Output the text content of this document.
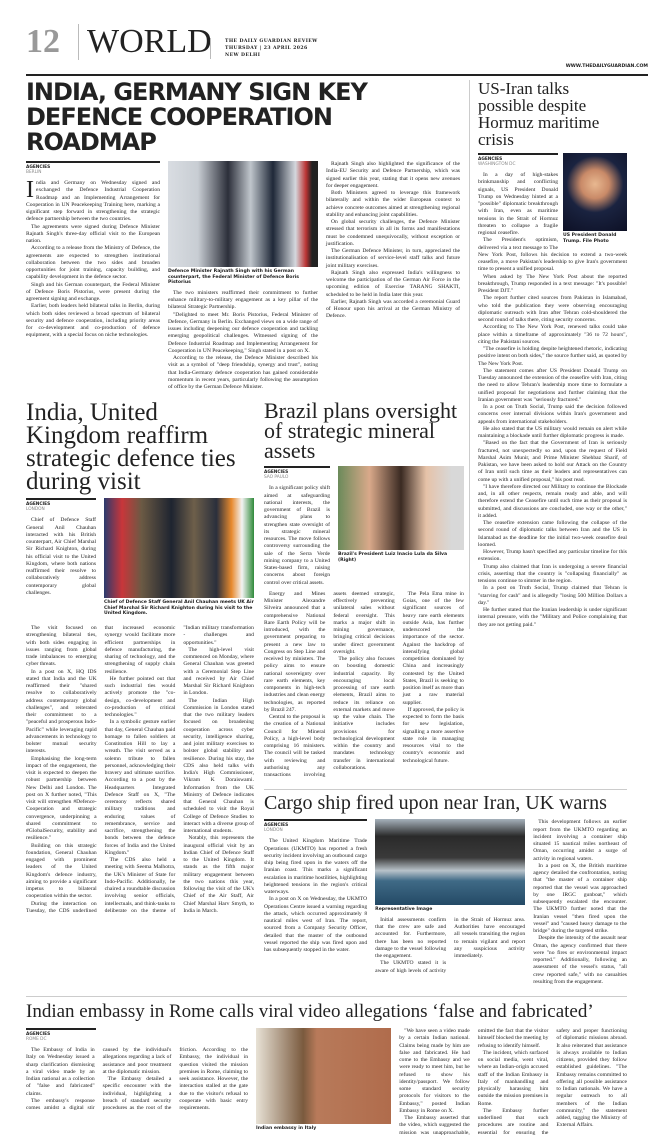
12 WORLD	THE DAILY GUARDIAN REVIEW
THURSDAY | 23 APRIL 2026
NEW DELHI
WWW.THEDAILYGUARDIAN.COM
INDIA, GERMANY SIGN KEY DEFENCE COOPERATION ROADMAP
AGENCIES
BERLIN

India and Germany on Wednesday signed and exchanged the Defence Industrial Cooperation Roadmap and an Implementing Arrangement for Cooperation in UN Peacekeeping Training here, marking a significant step forward in strengthening the strategic defence partnership between the two countries.

The agreements were signed during Defence Minister Rajnath Singh's three-day official visit to the European nation.

According to a release from the Ministry of Defence, the agreements are expected to strengthen institutional collaboration between the two sides and broaden opportunities for joint training, capacity building, and capability development in the defence sector.

Singh and his German counterpart, the Federal Minister of Defence Boris Pistorius, were present during the agreement signing and exchange.

Earlier, both leaders held bilateral talks in Berlin, during which both sides reviewed a broad spectrum of bilateral security and defence cooperation, including priority areas for co-development and co-production of defence equipment, with a special focus on niche technologies.

Defence Minister Rajnath Singh with his German counterpart, the Federal Minister of Defence Boris Pistorius

The two ministers reaffirmed their commitment to further enhance military-to-military engagement as a key pillar of the bilateral Strategic Partnership.

"Delighted to meet Mr. Boris Pistorius, Federal Minister of Defence, Germany in Berlin. Exchanged views on a wide range of issues including deepening our defence cooperation and tackling emerging geopolitical challenges. Witnessed signing of the Defence Industrial Roadmap and Implementing Arrangement for Cooperation in UN Peacekeeping," Singh stated in a post on X.

According to the release, the Defence Minister described his visit as a symbol of "deep friendship, synergy and trust", noting that India-Germany defence cooperation has gained considerable momentum in recent years, particularly following the assumption of office by the German Defence Minister.

Rajnath Singh also highlighted the significance of the India-EU Security and Defence Partnership, which was signed earlier this year, stating that it opens new avenues for deeper engagement.

Both Ministers agreed to leverage this framework bilaterally and within the wider European context to achieve concrete outcomes aimed at strengthening regional stability and enhancing joint capabilities.

On global security challenges, the Defence Minister stressed that terrorism in all its forms and manifestations must be condemned unequivocally, without exception or justification.

The German Defence Minister, in turn, appreciated the institutionalisation of service-level staff talks and future joint military exercises.

Rajnath Singh also expressed India's willingness to welcome the participation of the German Air Force in the upcoming edition of Exercise TARANG SHAKTI, scheduled to be held in India later this year.

Earlier, Rajnath Singh was accorded a ceremonial Guard of Honour upon his arrival at the German Ministry of Defence.

US-Iran talks possible despite Hormuz maritime crisis
US President Donald Trump. File Photo
AGENCIES
WASHINGTON DC

In a day of high-stakes brinkmanship and conflicting signals, US President Donald Trump on Wednesday hinted at a "possible" diplomatic breakthrough with Iran, even as maritime tensions in the Strait of Hormuz threaten to collapse a fragile regional ceasefire.

The President's optimism, delivered via a text message to The New York Post, follows his decision to extend a two-week ceasefire, a move Pakistan's leadership to give Iran's government time to present a unified proposal.

When asked by The New York Post about the reported breakthrough, Trump responded in a text message: "It's possible! President DJT."

The report further cited sources from Pakistan in Islamabad, who told the publication they were observing encouraging diplomatic outreach with Iran after Tehran cold-shouldered the second round of talks there, citing security concerns.

According to The New York Post, renewed talks could take place within a timeframe of approximately "36 to 72 hours", citing the Pakistani sources.

"The ceasefire is holding despite heightened rhetoric, indicating positive intent on both sides," the source further said, as quoted by The New York Post.

The statement comes after US President Donald Trump on Tuesday announced the extension of the ceasefire with Iran, citing the need to allow Tehran's leadership more time to formulate a unified proposal for negotiations and further claiming that the Iranian government was "seriously fractured."

In a post on Truth Social, Trump said the decision followed concerns over internal divisions within Iran's government and appeals from international stakeholders.

He also stated that the US military would remain on alert while maintaining a blockade until further diplomatic progress is made.

"Based on the fact that the Government of Iran is seriously fractured, not unexpectedly so and, upon the request of Field Marshal Asim Munir, and Prime Minister Shehbaz Sharif, of Pakistan, we have been asked to hold our Attack on the Country of Iran until such time as their leaders and representatives can come up with a unified proposal," his post read.

"I have therefore directed our Military to continue the Blockade and, in all other respects, remain ready and able, and will therefore extend the Ceasefire until such time as their proposal is submitted, and discussions are concluded, one way or the other," it added.

The ceasefire extension came following the collapse of the second round of diplomatic talks between Iran and the US in Islamabad as the deadline for the initial two-week ceasefire deal loomed.

However, Trump hasn't specified any particular timeline for this extension.

Trump also claimed that Iran is undergoing a severe financial crisis, asserting that the country is "collapsing financially" as tensions continue to simmer in the region.

In a post on Truth Social, Trump claimed that Tehran is "starving for cash" and is allegedly "losing 500 Million Dollars a day."

He further stated that the Iranian leadership is under significant internal pressure, with the "Military and Police complaining that they are not getting paid."

India, United Kingdom reaffirm strategic defence ties during visit
AGENCIES
LONDON

Chief of Defence Staff General Anil Chauhan interacted with his British counterpart, Air Chief Marshal Sir Richard Knighton, during his official visit to the United Kingdom, where both nations reaffirmed their resolve to collaboratively address contemporary global challenges.

Chief of Defence Staff General Anil Chauhan meets UK Air Chief Marshal Sir Richard Knighton during his visit to the United Kingdom.

The visit focused on strengthening bilateral ties, with both sides engaging in issues ranging from global trade imbalances to emerging cyber threats.

In a post on X, HQ IDS stated that India and the UK reaffirmed their "shared resolve to collaboratively address contemporary global challenges", and reiterated their commitment to a "peaceful and prosperous Indo-Pacific" while leveraging rapid advancements in technology to bolster mutual security interests.

Emphasising the long-term impact of the engagement, the visit is expected to deepen the robust partnership between New Delhi and London. The post on X further noted, "This visit will strengthen #Defence-Cooperation and strategic convergence, underpinning a shared commitment to #GlobalSecurity, stability and resilience."

Building on this strategic foundation, General Chauhan engaged with prominent leaders of the United Kingdom's defence industry, aiming to provide a significant impetus to bilateral cooperation within the sector.

During the interaction on Tuesday, the CDS underlined that increased economic synergy would facilitate more efficient partnerships in defence manufacturing, the sharing of technology, and the strengthening of supply chain resilience.

He further pointed out that such industrial ties would actively promote the "co-design, co-development and co-production of critical technologies."

In a symbolic gesture earlier that day, General Chauhan paid homage to fallen soldiers at Constitution Hill to lay a wreath. The visit served as a solemn tribute to fallen personnel, acknowledging their bravery and ultimate sacrifice. According to a post by the Headquarters Integrated Defence Staff on X, "The ceremony reflects shared military traditions and enduring values of remembrance, service and sacrifice, strengthening the bonds between the defence forces of India and the United Kingdom."

The CDS also held a meeting with Seema Malhotra, the UK's Minister of State for Indo-Pacific. Additionally, he chaired a roundtable discussion involving senior officials, intellectuals, and think-tanks to deliberate on the theme of "Indian military transformation - challenges and opportunities."

The high-level visit commenced on Monday, where General Chauhan was greeted with a Ceremonial Step Line and received by Air Chief Marshal Sir Richard Knighton in London.

The Indian High Commission in London stated that the two military leaders focused on broadening cooperation across cyber security, intelligence sharing, and joint military exercises to bolster global stability and resilience. During his stay, the CDS also held talks with India's High Commissioner, Vikram K Doraiswami. Information from the UK Ministry of Defence indicates that General Chauhan is scheduled to visit the Royal College of Defence Studies to interact with a diverse group of international students.

Notably, this represents the inaugural official visit by an Indian Chief of Defence Staff to the United Kingdom. It stands as the fifth major military engagement between the two nations this year, following the visit of the UK's Chief of the Air Staff, Air Chief Marshal Harv Smyth, to India in March.

Brazil plans oversight of strategic mineral assets
AGENCIES
SAO PAULO

In a significant policy shift aimed at safeguarding national interests, the government of Brazil is advancing plans to strengthen state oversight of its strategic mineral resources. The move follows controversy surrounding the sale of the Serra Verde mining company to a United States-based firm, raising concerns about foreign control over critical assets.

Brazil's President Luiz Inacio Lula da Silva (Right)

Energy and Mines Minister Alexandre Silveira announced that a comprehensive National Rare Earth Policy will be introduced, with the government preparing to present a new law to Congress on Step Line and received by ministers. The policy aims to ensure national sovereignty over rare earth elements, key components in high-tech industries and clean energy technologies, as reported by Brazil 247.

Central to the proposal is the creation of a National Council for Mineral Policy, a high-level body comprising 16 ministers. The council will be tasked with reviewing and authorising any transactions involving assets deemed strategic, effectively preventing unilateral sales without federal oversight. This marks a major shift in mining governance, bringing critical decisions under direct government oversight.

The policy also focuses on boosting domestic industrial capacity. By encouraging local processing of rare earth elements, Brazil aims to reduce its reliance on external markets and move up the value chain. The initiative includes provisions for technological development within the country and mandates technology transfer in international collaborations.

The Pela Ema mine in Goias, one of the few significant sources of heavy rare earth elements outside Asia, has further underscored the importance of the sector. Against the backdrop of intensifying global competition dominated by China and increasingly contested by the United States, Brazil is seeking to position itself as more than just a raw material supplier.

If approved, the policy is expected to form the basis for new legislation, signalling a more assertive state role in managing resources vital to the country's economic and technological future.

Cargo ship fired upon near Iran, UK warns
AGENCIES
LONDON

The United Kingdom Maritime Trade Operations (UKMTO) has reported a fresh security incident involving an outbound cargo ship being fired upon in the waters off the Iranian coast. This marks a significant escalation in maritime hostilities, highlighting heightened tensions in the region's critical waterways.

In a post on X on Wednesday, the UKMTO Operations Centre issued a warning regarding the attack, which occurred approximately 8 nautical miles west of Iran. The report, sourced from a Company Security Officer, detailed that the master of the outbound vessel reported the ship was fired upon and has subsequently stopped in the water.

Representative Image

Initial assessments confirm that the crew are safe and accounted for. Furthermore, there has been no reported damage to the vessel following the engagement.

The UKMTO stated it is aware of high levels of activity in the Strait of Hormuz area. Authorities have encouraged all vessels transiting the region to remain vigilant and report any suspicious activity immediately.

This development follows an earlier report from the UKMTO regarding an incident involving a container ship situated 15 nautical miles northeast of Oman, occurring amidst a surge of activity in regional waters.

In a post on X, the British maritime agency detailed the confrontation, noting that "the master of a container ship reported that the vessel was approached by one IRGC gunboat," which subsequently escalated the encounter. The UKMTO further noted that the Iranian vessel "then fired upon the vessel" and "caused heavy damage to the bridge" during the targeted strike.

Despite the intensity of the assault near Oman, the agency confirmed that there were "no fires or environmental impact reported." Additionally, following an assessment of the vessel's status, "all crew reported safe," with no casualties resulting from the engagement.

Indian embassy in Rome calls viral video allegations ‘false and fabricated’
AGENCIES
ROME DC

The Embassy of India in Italy on Wednesday issued a sharp clarification dismissing a viral video made by an Indian national as a collection of "false and fabricated" claims.

The embassy's response comes amidst a digital stir caused by the individual's allegations regarding a lack of assistance and poor treatment at the diplomatic mission.

The Embassy detailed a specific encounter with the individual, highlighting a breach of standard security procedures as the root of the friction. According to the Embassy, the individual in question visited the mission premises in Rome, claiming to seek assistance. However, the interaction stalled at the gate due to the visitor's refusal to cooperate with basic entry requirements.

Indian embassy in Italy

"We have seen a video made by a certain Indian national. Claims being made by him are false and fabricated. He had come to the Embassy and we were ready to meet him, but he refused to show his identity/passport. We follow some standard security protocols for visitors to the Embassy," posted Indian Embassy in Rome on X.

The Embassy asserted that the video, which suggested the mission was unapproachable, omitted the fact that the visitor himself blocked the meeting by refusing to identify himself.

The incident, which surfaced on social media, went viral, where an Indian-origin accused staff of the Indian Embassy in Italy of manhandling and physically harassing him outside the mission premises in Rome.

The Embassy further underlined that such procedures are routine and essential for ensuring the safety and proper functioning of diplomatic missions abroad. It also reiterated that assistance is always available to Indian citizens, provided they follow established guidelines. "The Embassy remains committed to offering all possible assistance to Indian nationals. We have a regular outreach to all members of the Indian community," the statement added, tagging the Ministry of External Affairs.
